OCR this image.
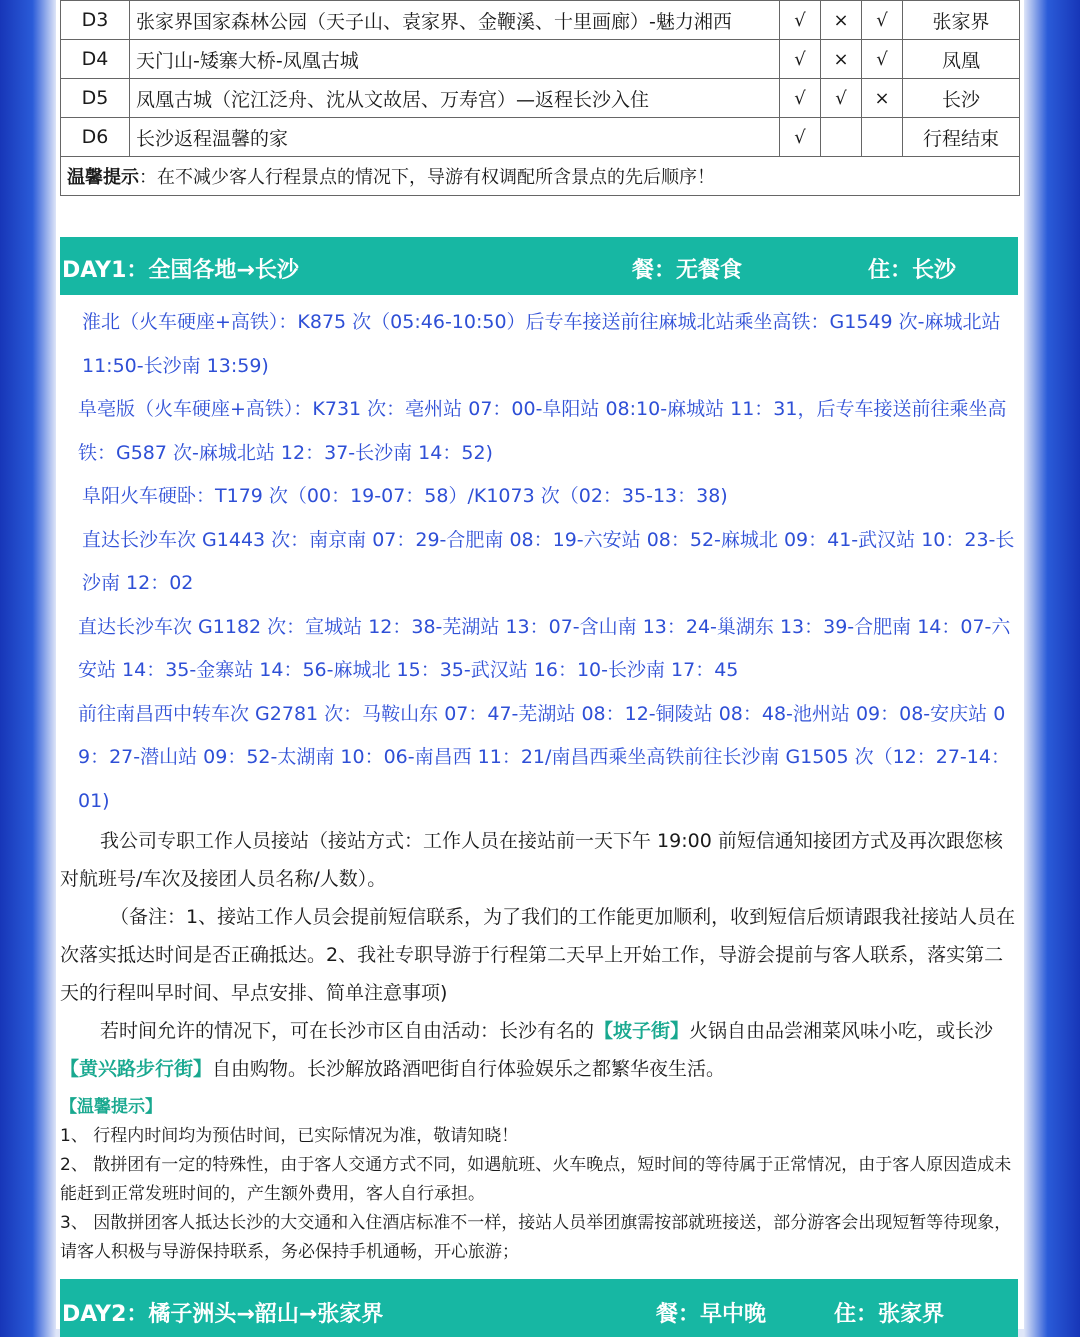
D3	张家界国家森林公园（天子山、袁家界、金鞭溪、十里画廊）-魅力湘西	√	×	√	张家界
D4	天门山-矮寨大桥-凤凰古城	√	×	√	凤凰
D5	凤凰古城（沱江泛舟、沈从文故居、万寿宫）—返程长沙入住	√	√	×	长沙
D6	长沙返程温馨的家	√			行程结束
温馨提示：在不减少客人行程景点的情况下，导游有权调配所含景点的先后顺序！					
DAY1：全国各地→长沙	餐：无餐食	住：长沙

淮北（火车硬座+高铁）：K875 次（05:46-10:50）后专车接送前往麻城北站乘坐高铁：G1549 次-麻城北站 11:50-长沙南 13:59)

阜亳版（火车硬座+高铁）：K731 次：亳州站 07：00-阜阳站 08:10-麻城站 11：31，后专车接送前往乘坐高铁：G587 次-麻城北站 12：37-长沙南 14：52)

阜阳火车硬卧：T179 次（00：19-07：58）/K1073 次（02：35-13：38)

直达长沙车次 G1443 次：南京南 07：29-合肥南 08：19-六安站 08：52-麻城北 09：41-武汉站 10：23-长沙南 12：02

直达长沙车次 G1182 次：宣城站 12：38-芜湖站 13：07-含山南 13：24-巢湖东 13：39-合肥南 14：07-六安站 14：35-金寨站 14：56-麻城北 15：35-武汉站 16：10-长沙南 17：45

前往南昌西中转车次 G2781 次：马鞍山东 07：47-芜湖站 08：12-铜陵站 08：48-池州站 09：08-安庆站 09：27-潜山站 09：52-太湖南 10：06-南昌西 11：21/南昌西乘坐高铁前往长沙南 G1505 次（12：27-14：01)

我公司专职工作人员接站（接站方式：工作人员在接站前一天下午 19:00 前短信通知接团方式及再次跟您核对航班号/车次及接团人员名称/人数）。

（备注：1、接站工作人员会提前短信联系，为了我们的工作能更加顺利，收到短信后烦请跟我社接站人员在次落实抵达时间是否正确抵达。2、我社专职导游于行程第二天早上开始工作，导游会提前与客人联系，落实第二天的行程叫早时间、早点安排、简单注意事项)

若时间允许的情况下，可在长沙市区自由活动：长沙有名的【坡子街】火锅自由品尝湘菜风味小吃，或长沙【黄兴路步行街】自由购物。长沙解放路酒吧街自行体验娱乐之都繁华夜生活。

【温馨提示】

1、 行程内时间均为预估时间，已实际情况为准，敬请知晓！

2、 散拼团有一定的特殊性，由于客人交通方式不同，如遇航班、火车晚点，短时间的等待属于正常情况，由于客人原因造成未能赶到正常发班时间的，产生额外费用，客人自行承担。

3、 因散拼团客人抵达长沙的大交通和入住酒店标准不一样，接站人员举团旗需按部就班接送，部分游客会出现短暂等待现象，请客人积极与导游保持联系，务必保持手机通畅，开心旅游；

DAY2：橘子洲头→韶山→张家界	餐：早中晚	住：张家界
